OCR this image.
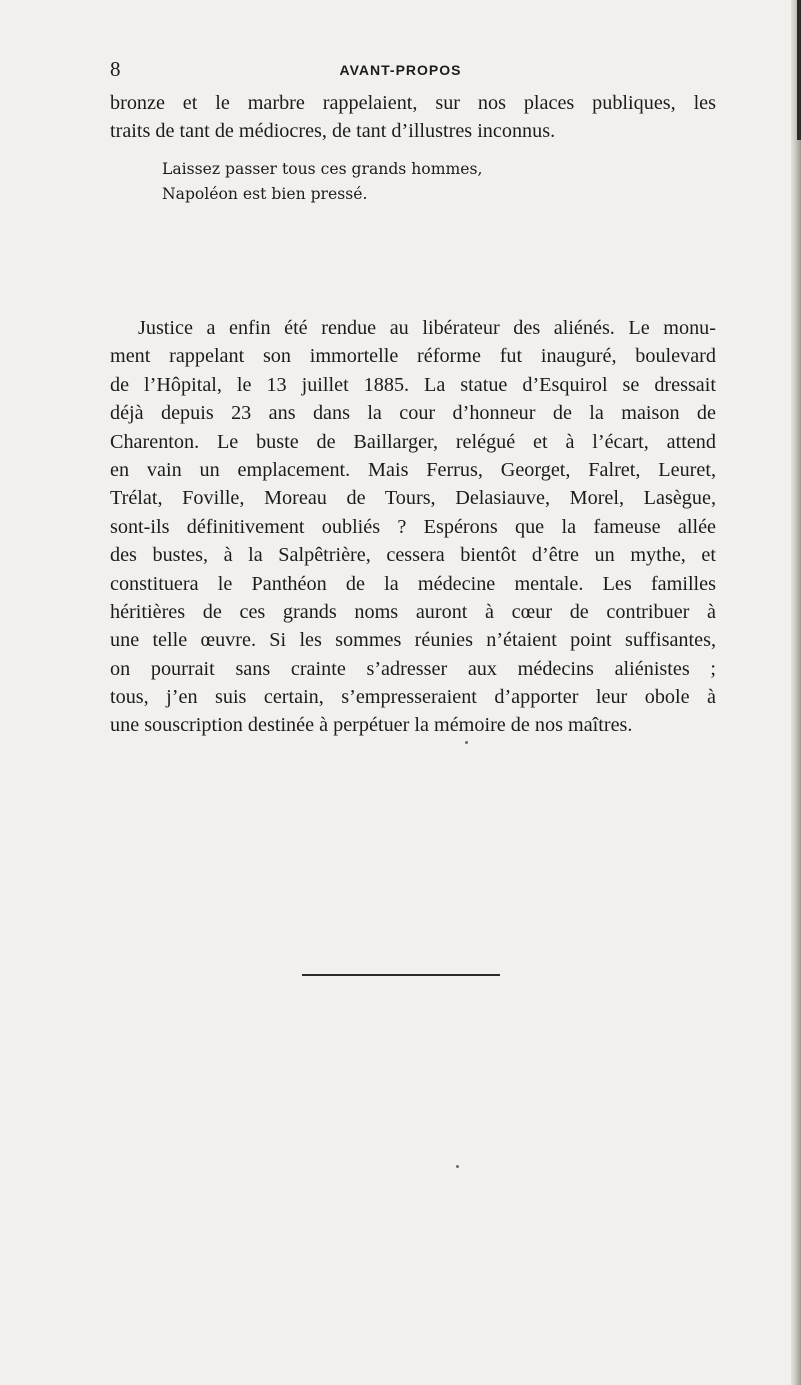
8	AVANT-PROPOS
bronze et le marbre rappelaient, sur nos places publiques, les
traits de tant de médiocres, de tant d’illustres inconnus.
Laissez passer tous ces grands hommes,
Napoléon est bien pressé.
Justice a enfin été rendue au libérateur des aliénés. Le monu-
ment rappelant son immortelle réforme fut inauguré, boulevard
de l’Hôpital, le 13 juillet 1885. La statue d’Esquirol se dressait
déjà depuis 23 ans dans la cour d’honneur de la maison de
Charenton. Le buste de Baillarger, relégué et à l’écart, attend
en vain un emplacement. Mais Ferrus, Georget, Falret, Leuret,
Trélat, Foville, Moreau de Tours, Delasiauve, Morel, Lasègue,
sont-ils définitivement oubliés ? Espérons que la fameuse allée
des bustes, à la Salpêtrière, cessera bientôt d’être un mythe, et
constituera le Panthéon de la médecine mentale. Les familles
héritières de ces grands noms auront à cœur de contribuer à
une telle œuvre. Si les sommes réunies n’étaient point suffisantes,
on pourrait sans crainte s’adresser aux médecins aliénistes ;
tous, j’en suis certain, s’empresseraient d’apporter leur obole à
une souscription destinée à perpétuer la mémoire de nos maîtres.
